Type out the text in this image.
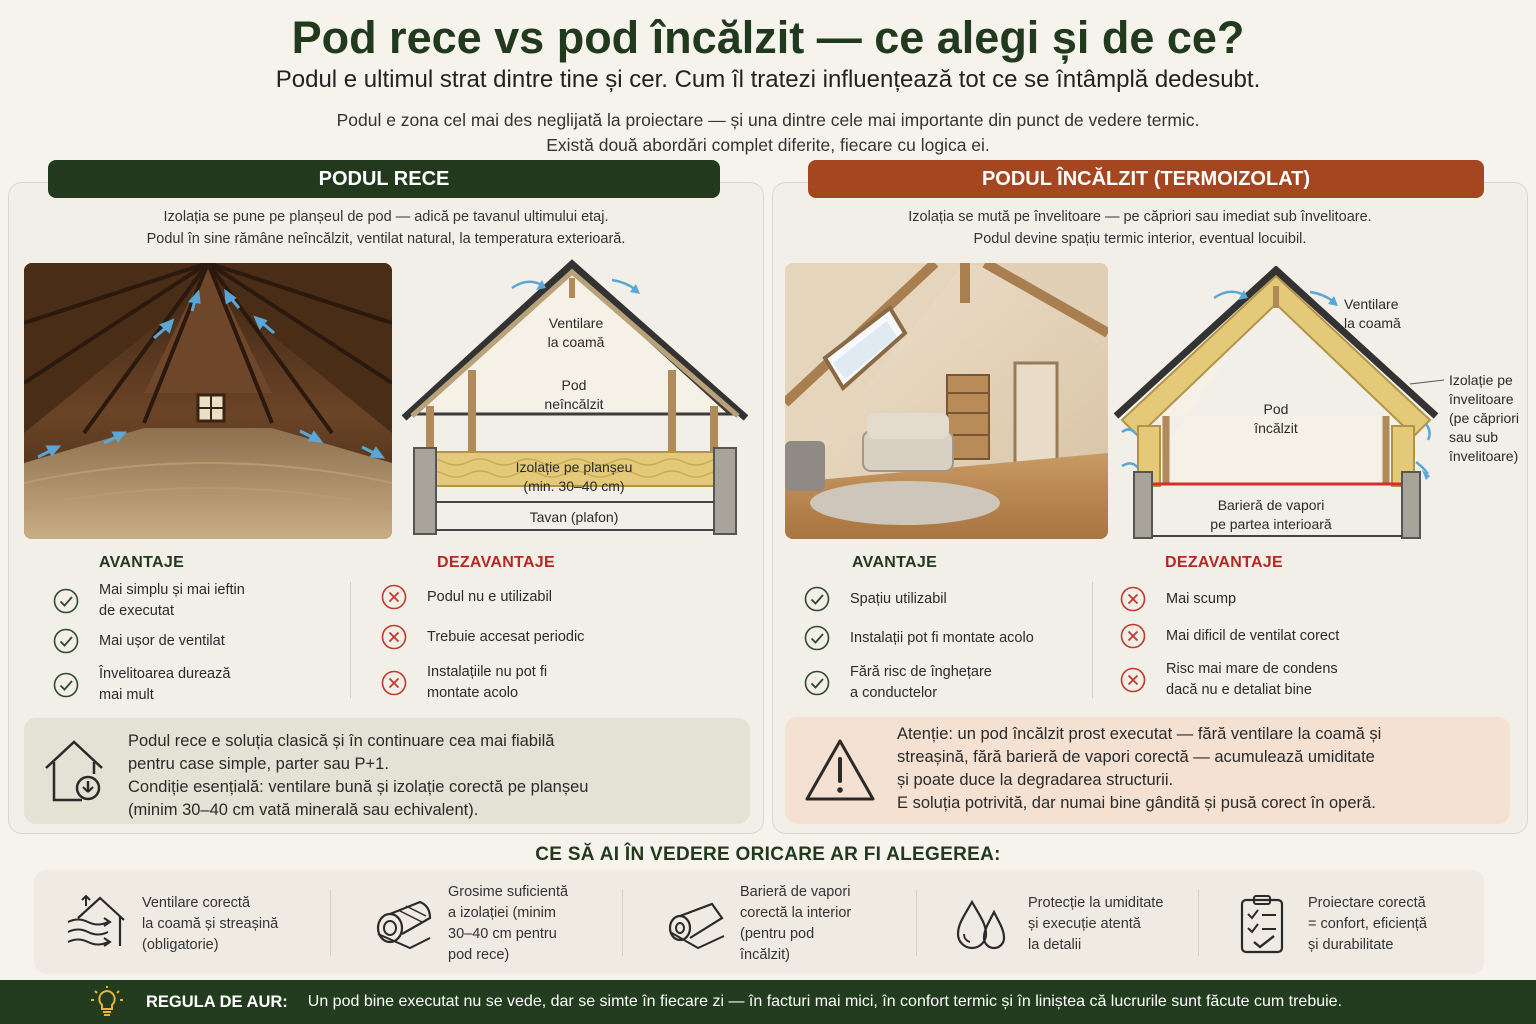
Pod rece vs pod încălzit — ce alegi și de ce?
Podul e ultimul strat dintre tine și cer. Cum îl tratezi influențează tot ce se întâmplă dedesubt.
Podul e zona cel mai des neglijată la proiectare — și una dintre cele mai importante din punct de vedere termic.
Există două abordări complet diferite, fiecare cu logica ei.
PODUL RECE
Izolația se pune pe planșeul de pod — adică pe tavanul ultimului etaj.
Podul în sine rămâne neîncălzit, ventilat natural, la temperatura exterioară.
Ventilare
la coamă
Pod
neîncălzit
Izolație pe planșeu
(min. 30–40 cm)
Tavan (plafon)
AVANTAJE	DEZAVANTAJE
Mai simplu și mai ieftin
de executat
Mai ușor de ventilat
Învelitoarea durează
mai mult
Podul nu e utilizabil
Trebuie accesat periodic
Instalațiile nu pot fi
montate acolo
Podul rece e soluția clasică și în continuare cea mai fiabilă
pentru case simple, parter sau P+1.
Condiție esențială: ventilare bună și izolație corectă pe planșeu
(minim 30–40 cm vată minerală sau echivalent).
PODUL ÎNCĂLZIT (TERMOIZOLAT)
Izolația se mută pe învelitoare — pe căpriori sau imediat sub învelitoare.
Podul devine spațiu termic interior, eventual locuibil.
Ventilare
la coamă
Pod
încălzit
Izolație pe
învelitoare
(pe căpriori
sau sub
învelitoare)
Barieră de vapori
pe partea interioară
AVANTAJE	DEZAVANTAJE
Spațiu utilizabil
Instalații pot fi montate acolo
Fără risc de înghețare
a conductelor
Mai scump
Mai dificil de ventilat corect
Risc mai mare de condens
dacă nu e detaliat bine
Atenție: un pod încălzit prost executat — fără ventilare la coamă și
streașină, fără barieră de vapori corectă — acumulează umiditate
și poate duce la degradarea structurii.
E soluția potrivită, dar numai bine gândită și pusă corect în operă.
CE SĂ AI ÎN VEDERE ORICARE AR FI ALEGEREA:
Ventilare corectă
la coamă și streașină
(obligatorie)
Grosime suficientă
a izolației (minim
30–40 cm pentru
pod rece)
Barieră de vapori
corectă la interior
(pentru pod
încălzit)
Protecție la umiditate
și execuție atentă
la detalii
Proiectare corectă
= confort, eficiență
și durabilitate
REGULA DE AUR: Un pod bine executat nu se vede, dar se simte în fiecare zi — în facturi mai mici, în confort termic și în liniștea că lucrurile sunt făcute cum trebuie.
